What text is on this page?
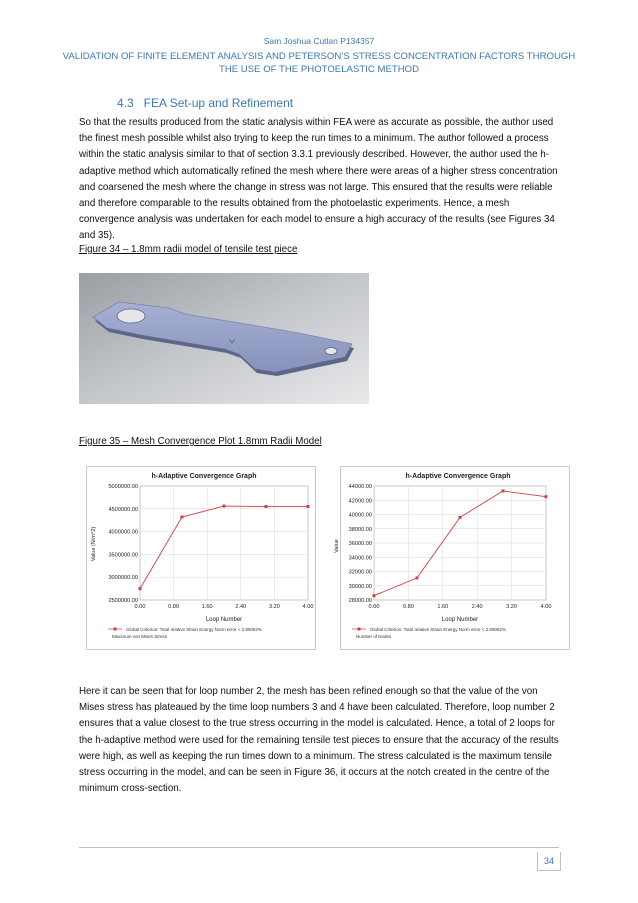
Sam Joshua Cutlan P134357
VALIDATION OF FINITE ELEMENT ANALYSIS AND PETERSON’S STRESS CONCENTRATION FACTORS THROUGH THE USE OF THE PHOTOELASTIC METHOD
4.3   FEA Set-up and Refinement
So that the results produced from the static analysis within FEA were as accurate as possible, the author used the finest mesh possible whilst also trying to keep the run times to a minimum. The author followed a process within the static analysis similar to that of section 3.3.1 previously described. However, the author used the h-adaptive method which automatically refined the mesh where there were areas of a higher stress concentration and coarsened the mesh where the change in stress was not large. This ensured that the results were reliable and therefore comparable to the results obtained from the photoelastic experiments. Hence, a mesh convergence analysis was undertaken for each model to ensure a high accuracy of the results (see Figures 34 and 35).
Figure 34 – 1.8mm radii model of tensile test piece
Figure 35 – Mesh Convergence Plot 1.8mm Radii Model
h-Adaptive Convergence Graph
2500000.00
3000000.00
3500000.00
4000000.00
4500000.00
5000000.00
0.00	0.80	1.60	2.40	3.20	4.00
Loop Number
Value (N/m^2)
Maximum von Mises Stress
Global Criterion: Total relative Strain Energy Norm error < 2.80062%
h-Adaptive Convergence Graph
28000.00
30000.00
32000.00
34000.00
36000.00
38000.00
40000.00
42000.00
44000.00
0.00	0.80	1.60	2.40	3.20	4.00
Loop Number
Value
Number of Nodes
Global Criterion: Total relative Strain Energy Norm error < 2.80062%
Here it can be seen that for loop number 2, the mesh has been refined enough so that the value of the von Mises stress has plateaued by the time loop numbers 3 and 4 have been calculated. Therefore, loop number 2 ensures that a value closest to the true stress occurring in the model is calculated. Hence, a total of 2 loops for the h-adaptive method were used for the remaining tensile test pieces to ensure that the accuracy of the results were high, as well as keeping the run times down to a minimum. The stress calculated is the maximum tensile stress occurring in the model, and can be seen in Figure 36, it occurs at the notch created in the centre of the minimum cross-section.
34
